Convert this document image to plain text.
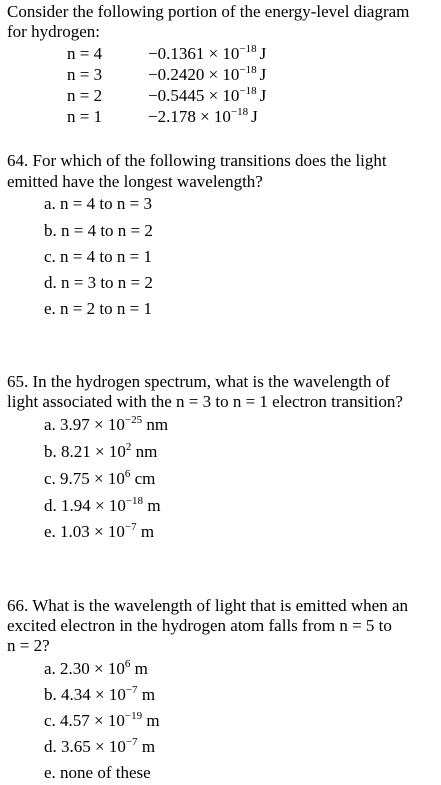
Consider the following portion of the energy-level diagram
for hydrogen:
n = 4	$-0.1361 \times 10^{-18}$ J
n = 3	$-0.2420 \times 10^{-18}$ J
n = 2	$-0.5445 \times 10^{-18}$ J
n = 1	$-2.178 \times 10^{-18}$ J
64. For which of the following transitions does the light
emitted have the longest wavelength?
a. n = 4 to n = 3
b. n = 4 to n = 2
c. n = 4 to n = 1
d. n = 3 to n = 2
e. n = 2 to n = 1
65. In the hydrogen spectrum, what is the wavelength of
light associated with the n = 3 to n = 1 electron transition?
a. $3.97 \times 10^{-25}$ nm
b. $8.21 \times 10^2$ nm
c. $9.75 \times 10^6$ cm
d. $1.94 \times 10^{-18}$ m
e. $1.03 \times 10^{-7}$ m
66. What is the wavelength of light that is emitted when an
excited electron in the hydrogen atom falls from n = 5 to
n = 2?
a. $2.30 \times 10^6$ m
b. $4.34 \times 10^{-7}$ m
c. $4.57 \times 10^{-19}$ m
d. $3.65 \times 10^{-7}$ m
e. none of these
